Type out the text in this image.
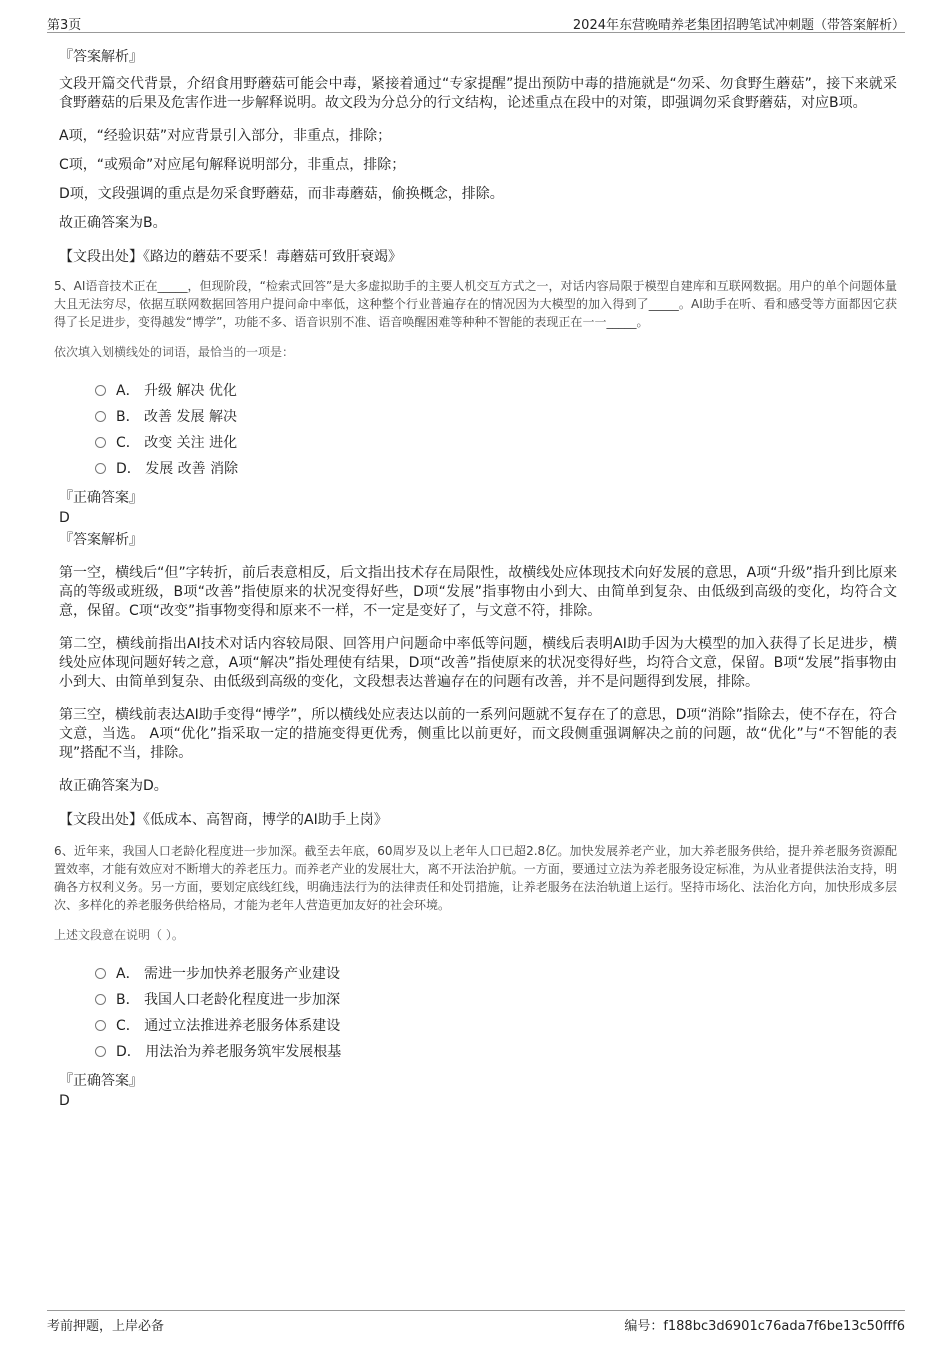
第3页	2024年东营晚晴养老集团招聘笔试冲刺题（带答案解析）
『答案解析』
文段开篇交代背景，介绍食用野蘑菇可能会中毒，紧接着通过“专家提醒”提出预防中毒的措施就是“勿采、勿食野生蘑菇”，接下来就采食野蘑菇的后果及危害作进一步解释说明。故文段为分总分的行文结构，论述重点在段中的对策，即强调勿采食野蘑菇，对应B项。
A项，“经验识菇”对应背景引入部分，非重点，排除；
C项，“或殒命”对应尾句解释说明部分，非重点，排除；
D项，文段强调的重点是勿采食野蘑菇，而非毒蘑菇，偷换概念，排除。
故正确答案为B。
【文段出处】《路边的蘑菇不要采！毒蘑菇可致肝衰竭》
5、AI语音技术正在_____，但现阶段，“检索式回答”是大多虚拟助手的主要人机交互方式之一，对话内容局限于模型自建库和互联网数据。用户的单个问题体量大且无法穷尽，依据互联网数据回答用户提问命中率低，这种整个行业普遍存在的情况因为大模型的加入得到了_____。AI助手在听、看和感受等方面都因它获得了长足进步，变得越发“博学”，功能不多、语音识别不准、语音唤醒困难等种种不智能的表现正在一一_____。
依次填入划横线处的词语，最恰当的一项是：
A． 升级 解决 优化
B． 改善 发展 解决
C． 改变 关注 进化
D． 发展 改善 消除
『正确答案』
D
『答案解析』
第一空，横线后“但”字转折，前后表意相反，后文指出技术存在局限性，故横线处应体现技术向好发展的意思，A项“升级”指升到比原来高的等级或班级，B项“改善”指使原来的状况变得好些，D项“发展”指事物由小到大、由简单到复杂、由低级到高级的变化，均符合文意，保留。C项“改变”指事物变得和原来不一样，不一定是变好了，与文意不符，排除。
第二空，横线前指出AI技术对话内容较局限、回答用户问题命中率低等问题，横线后表明AI助手因为大模型的加入获得了长足进步，横线处应体现问题好转之意，A项“解决”指处理使有结果，D项“改善”指使原来的状况变得好些，均符合文意，保留。B项“发展”指事物由小到大、由简单到复杂、由低级到高级的变化，文段想表达普遍存在的问题有改善，并不是问题得到发展，排除。
第三空，横线前表达AI助手变得“博学”，所以横线处应表达以前的一系列问题就不复存在了的意思，D项“消除”指除去，使不存在，符合文意，当选。 A项“优化”指采取一定的措施变得更优秀，侧重比以前更好，而文段侧重强调解决之前的问题，故“优化”与“不智能的表现”搭配不当，排除。
故正确答案为D。
【文段出处】《低成本、高智商，博学的AI助手上岗》
6、近年来，我国人口老龄化程度进一步加深。截至去年底，60周岁及以上老年人口已超2.8亿。加快发展养老产业，加大养老服务供给，提升养老服务资源配置效率，才能有效应对不断增大的养老压力。而养老产业的发展壮大，离不开法治护航。一方面，要通过立法为养老服务设定标准，为从业者提供法治支持，明确各方权利义务。另一方面，要划定底线红线，明确违法行为的法律责任和处罚措施，让养老服务在法治轨道上运行。坚持市场化、法治化方向，加快形成多层次、多样化的养老服务供给格局，才能为老年人营造更加友好的社会环境。
上述文段意在说明（ ）。
A． 需进一步加快养老服务产业建设
B． 我国人口老龄化程度进一步加深
C． 通过立法推进养老服务体系建设
D． 用法治为养老服务筑牢发展根基
『正确答案』
D
考前押题，上岸必备	编号：f188bc3d6901c76ada7f6be13c50fff6
